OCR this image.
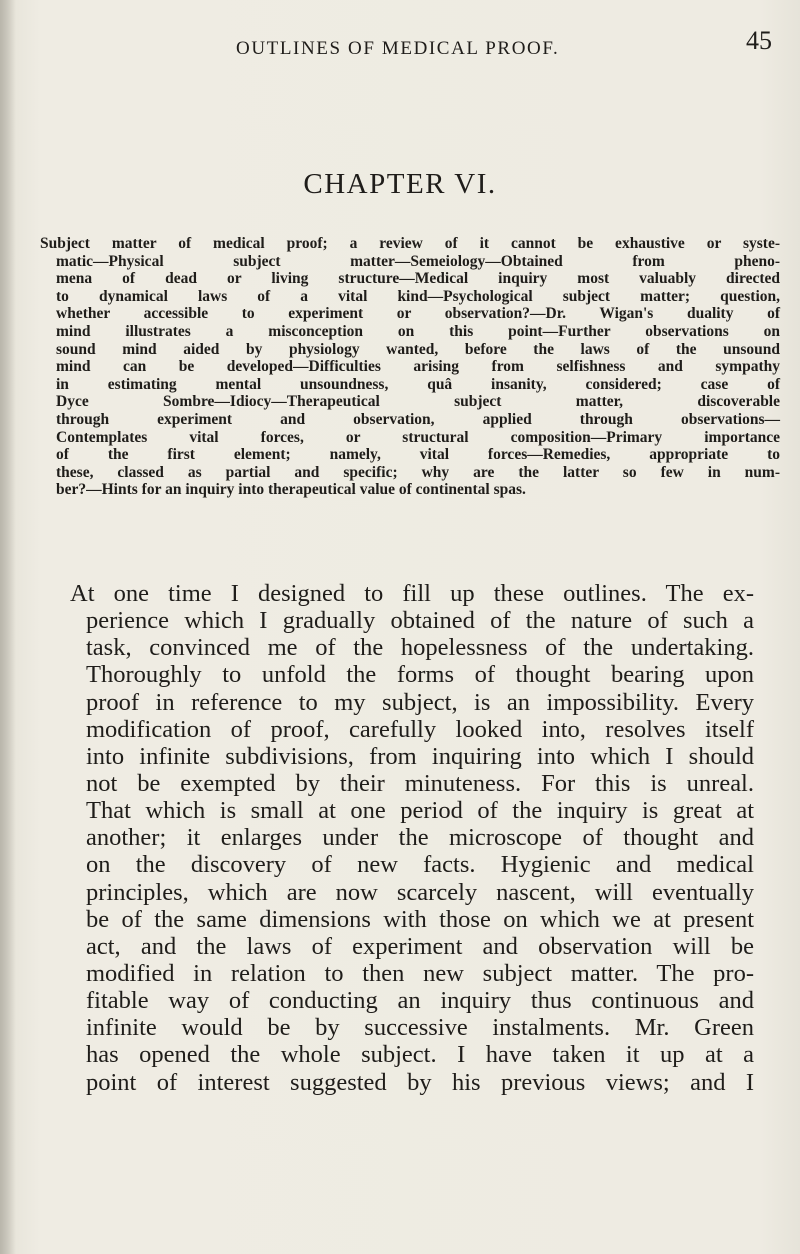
OUTLINES OF MEDICAL PROOF.	45
CHAPTER VI.
Subject matter of medical proof; a review of it cannot be exhaustive or syste-
matic—Physical subject matter—Semeiology—Obtained from pheno-
mena of dead or living structure—Medical inquiry most valuably directed
to dynamical laws of a vital kind—Psychological subject matter; question,
whether accessible to experiment or observation?—Dr. Wigan's duality of
mind illustrates a misconception on this point—Further observations on
sound mind aided by physiology wanted, before the laws of the unsound
mind can be developed—Difficulties arising from selfishness and sympathy
in estimating mental unsoundness, quâ insanity, considered; case of
Dyce Sombre—Idiocy—Therapeutical subject matter, discoverable
through experiment and observation, applied through observations—
Contemplates vital forces, or structural composition—Primary importance
of the first element; namely, vital forces—Remedies, appropriate to
these, classed as partial and specific; why are the latter so few in num-
ber?—Hints for an inquiry into therapeutical value of continental spas.
At one time I designed to fill up these outlines. The ex-
perience which I gradually obtained of the nature of such a
task, convinced me of the hopelessness of the undertaking.
Thoroughly to unfold the forms of thought bearing upon
proof in reference to my subject, is an impossibility. Every
modification of proof, carefully looked into, resolves itself
into infinite subdivisions, from inquiring into which I should
not be exempted by their minuteness. For this is unreal.
That which is small at one period of the inquiry is great at
another; it enlarges under the microscope of thought and
on the discovery of new facts. Hygienic and medical
principles, which are now scarcely nascent, will eventually
be of the same dimensions with those on which we at present
act, and the laws of experiment and observation will be
modified in relation to then new subject matter. The pro-
fitable way of conducting an inquiry thus continuous and
infinite would be by successive instalments. Mr. Green
has opened the whole subject. I have taken it up at a
point of interest suggested by his previous views; and I
